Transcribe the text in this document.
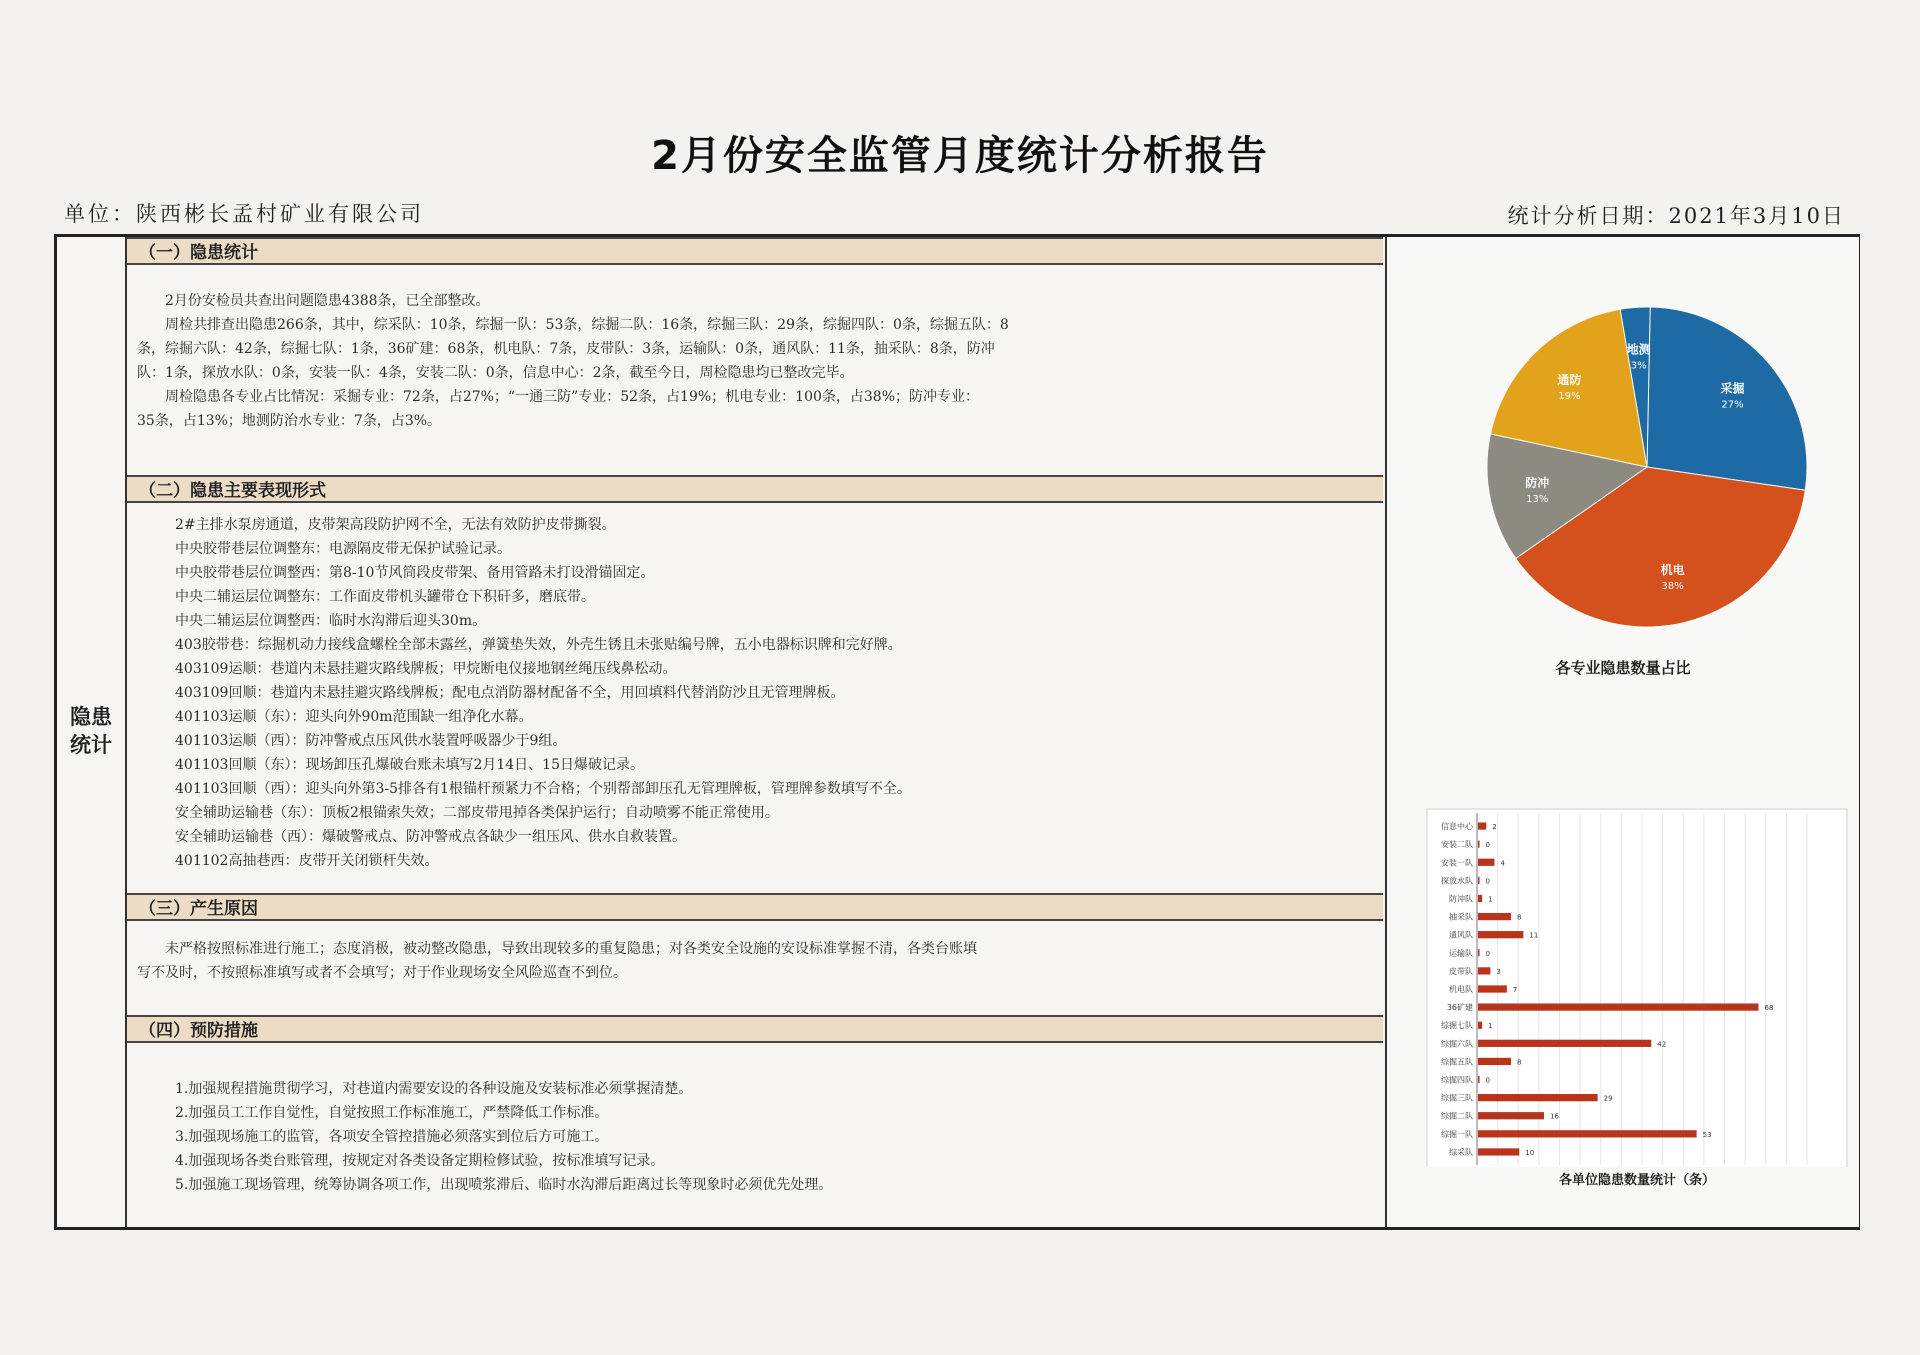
2月份安全监管月度统计分析报告
单位：陕西彬长孟村矿业有限公司	统计分析日期：2021年3月10日
隐患
统计
（一）隐患统计

2月份安检员共查出问题隐患4388条，已全部整改。

周检共排查出隐患266条，其中，综采队：10条，综掘一队：53条，综掘二队：16条，综掘三队：29条，综掘四队：0条，综掘五队：8

条，综掘六队：42条，综掘七队：1条，36矿建：68条，机电队：7条，皮带队：3条，运输队：0条，通风队：11条，抽采队：8条，防冲

队：1条，探放水队：0条，安装一队：4条，安装二队：0条，信息中心：2条，截至今日，周检隐患均已整改完毕。

周检隐患各专业占比情况：采掘专业：72条，占27%；“一通三防”专业：52条，占19%；机电专业：100条，占38%；防冲专业：

35条，占13%；地测防治水专业：7条，占3%。

（二）隐患主要表现形式

2#主排水泵房通道，皮带架高段防护网不全，无法有效防护皮带撕裂。

中央胶带巷层位调整东：电源隔皮带无保护试验记录。

中央胶带巷层位调整西：第8-10节风筒段皮带架、备用管路未打设滑锚固定。

中央二辅运层位调整东：工作面皮带机头罐带仓下积矸多，磨底带。

中央二辅运层位调整西：临时水沟滞后迎头30m。

403胶带巷：综掘机动力接线盒螺栓全部未露丝，弹簧垫失效，外壳生锈且未张贴编号牌，五小电器标识牌和完好牌。

403109运顺：巷道内未悬挂避灾路线牌板；甲烷断电仪接地钢丝绳压线鼻松动。

403109回顺：巷道内未悬挂避灾路线牌板；配电点消防器材配备不全，用回填料代替消防沙且无管理牌板。

401103运顺（东）：迎头向外90m范围缺一组净化水幕。

401103运顺（西）：防冲警戒点压风供水装置呼吸器少于9组。

401103回顺（东）：现场卸压孔爆破台账未填写2月14日、15日爆破记录。

401103回顺（西）：迎头向外第3-5排各有1根锚杆预紧力不合格；个别帮部卸压孔无管理牌板，管理牌参数填写不全。

安全辅助运输巷（东）：顶板2根锚索失效；二部皮带甩掉各类保护运行；自动喷雾不能正常使用。

安全辅助运输巷（西）：爆破警戒点、防冲警戒点各缺少一组压风、供水自救装置。

401102高抽巷西：皮带开关闭锁杆失效。

（三）产生原因

未严格按照标准进行施工；态度消极，被动整改隐患，导致出现较多的重复隐患；对各类安全设施的安设标准掌握不清，各类台账填

写不及时，不按照标准填写或者不会填写；对于作业现场安全风险巡查不到位。

（四）预防措施

1.加强规程措施贯彻学习，对巷道内需要安设的各种设施及安装标准必须掌握清楚。

2.加强员工工作自觉性，自觉按照工作标准施工，严禁降低工作标准。

3.加强现场施工的监管，各项安全管控措施必须落实到位后方可施工。

4.加强现场各类台账管理，按规定对各类设备定期检修试验，按标准填写记录。

5.加强施工现场管理，统筹协调各项工作，出现喷浆滞后、临时水沟滞后距离过长等现象时必须优先处理。

采掘
27%
机电
38%
防冲
13%
通防
19%
地测
3%
各专业隐患数量占比
信息中心	2
安装二队 0
安装一队	4
探放水队 0
防冲队 1
抽采队	8
通风队	11
运输队 0
皮带队	3
机电队	7
36矿建	68
综掘七队 1
综掘六队	42
综掘五队	8
综掘四队 0
综掘三队	29
综掘二队	16
综掘一队	53
综采队	10
各单位隐患数量统计（条）
